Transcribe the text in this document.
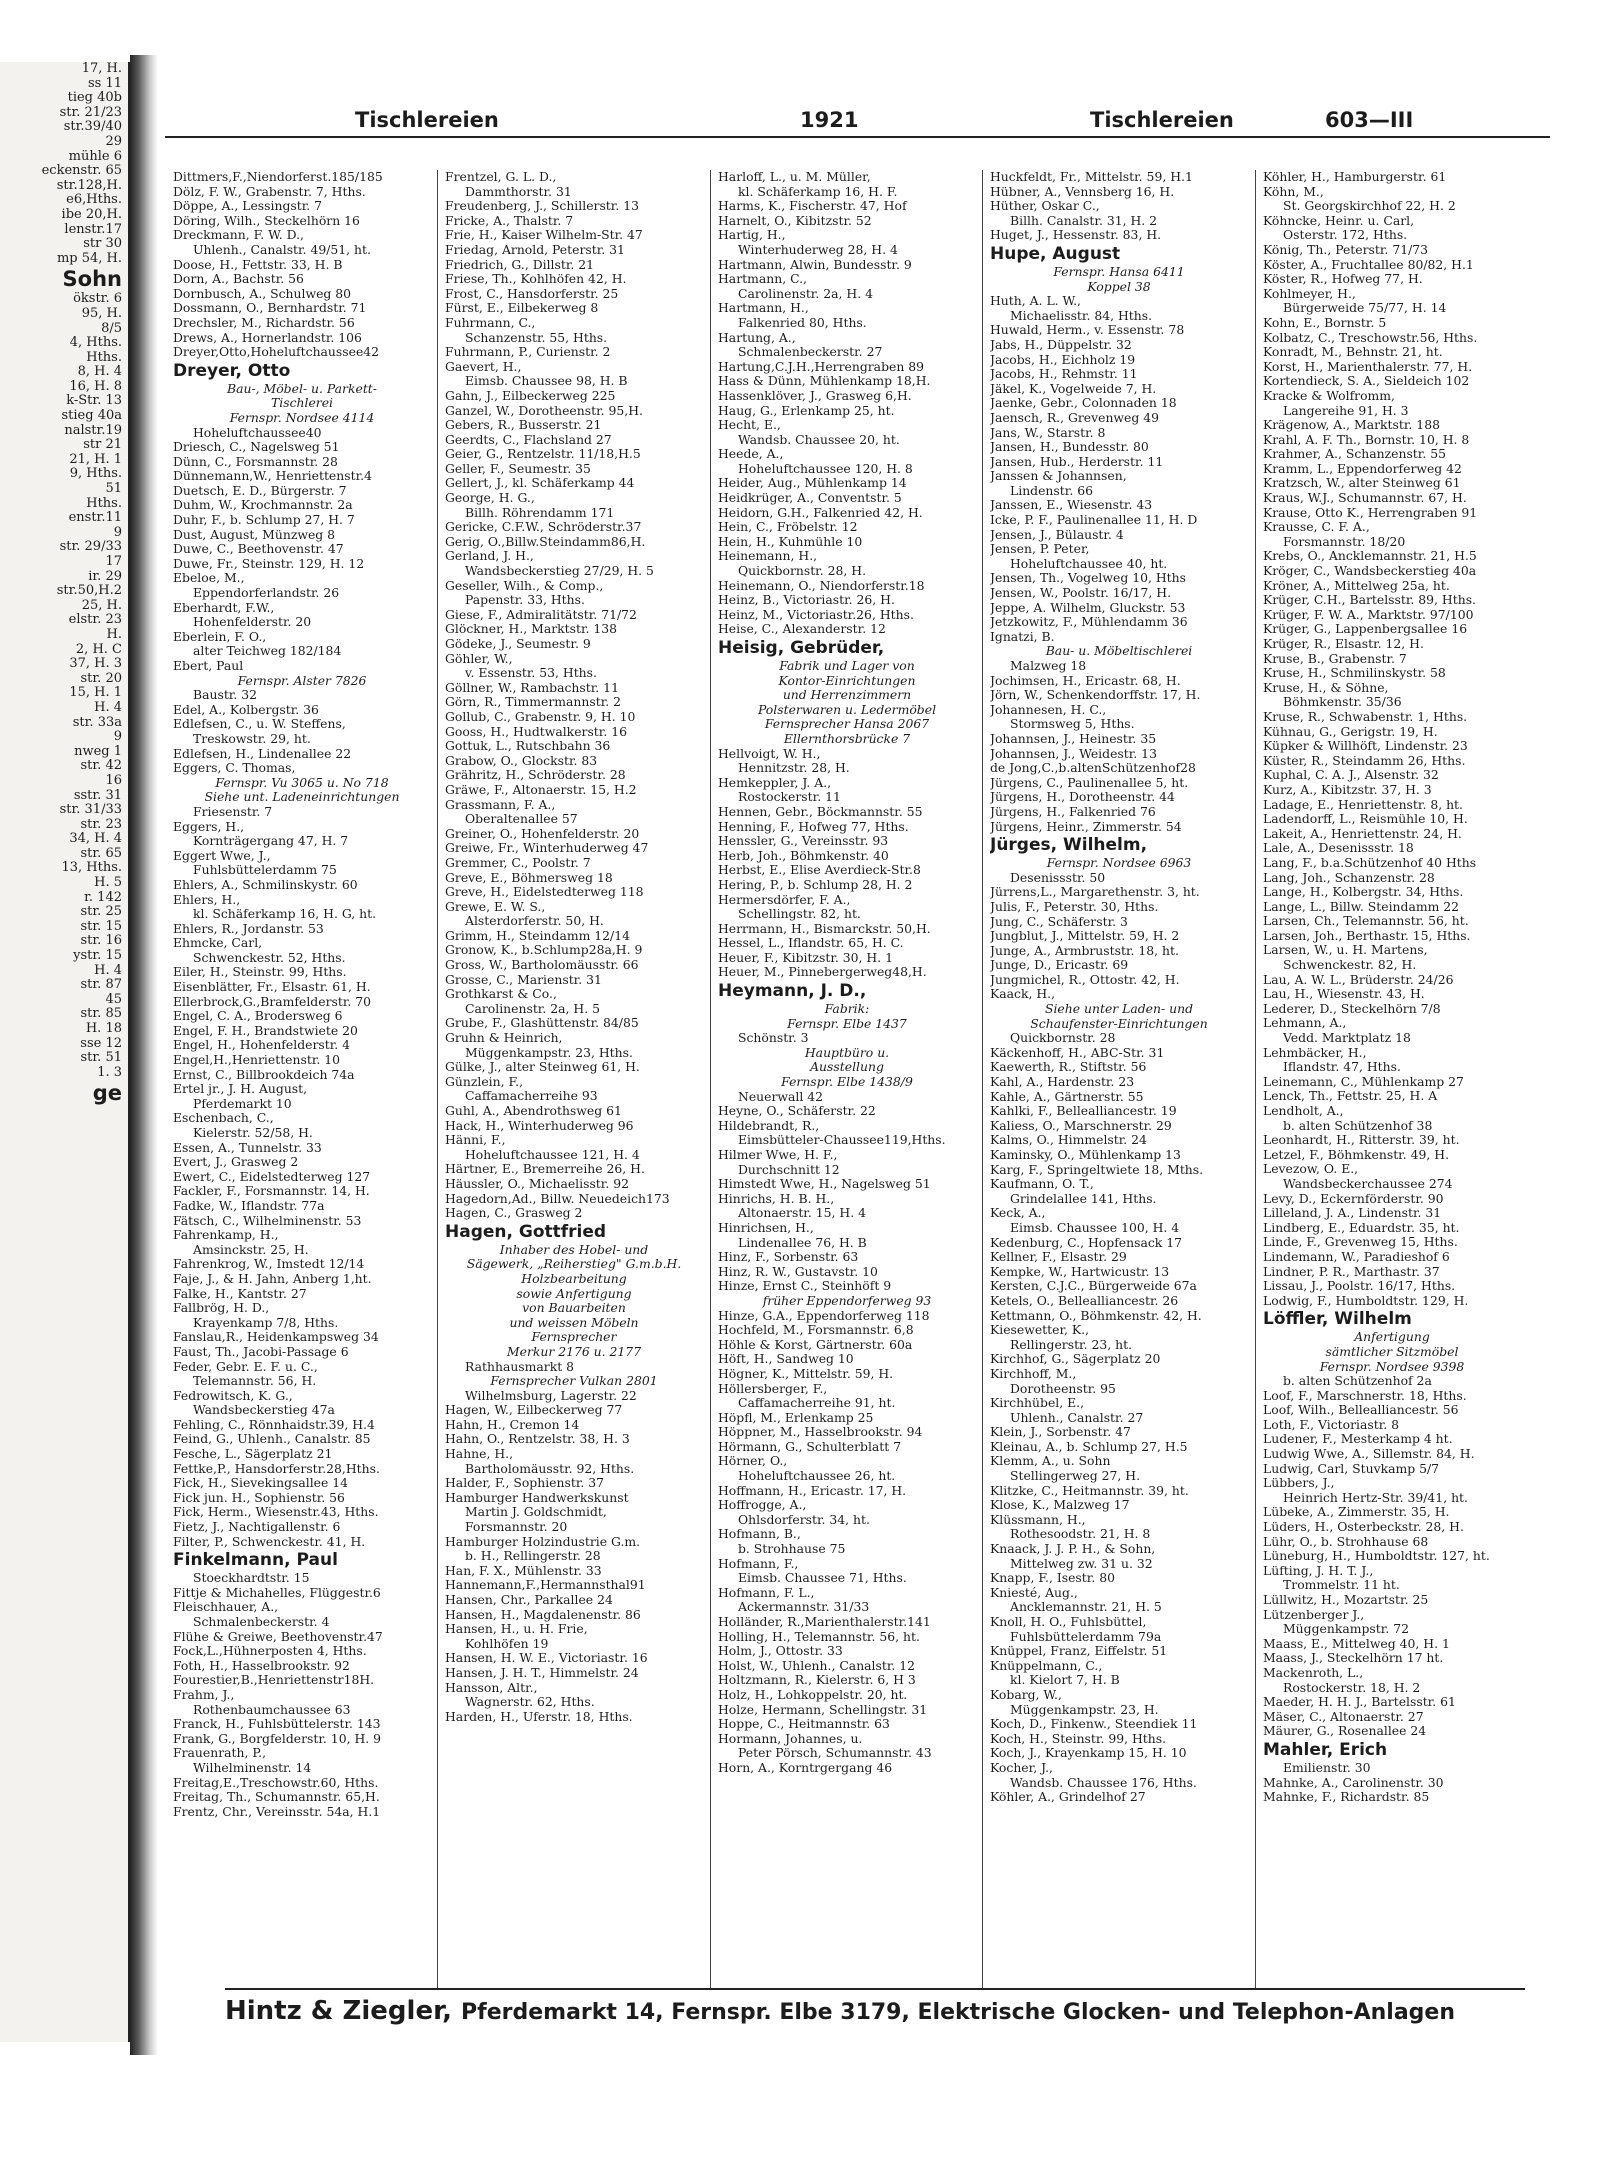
17, H.
ss 11
tieg 40b
str. 21/23
str.39/40
29
mühle 6
eckenstr. 65
str.128,H.
e6,Hths.
ibe 20,H.
lenstr.17
str 30
mp 54, H.
Sohn
ökstr. 6
95, H.
8/5
4, Hths.
Hths.
8, H. 4
16, H. 8
k-Str. 13
stieg 40a
nalstr.19
str 21
21, H. 1
9, Hths.
51
Hths.
enstr.11
9
str. 29/33
17
ir. 29
str.50,H.2
25, H.
elstr. 23
H.
2, H. C
37, H. 3
str. 20
15, H. 1
H. 4
str. 33a
9
nweg 1
str. 42
16
sstr. 31
str. 31/33
str. 23
34, H. 4
str. 65
13, Hths.
H. 5
r. 142
str. 25
str. 15
str. 16
ystr. 15
H. 4
str. 87
45
str. 85
H. 18
sse 12
str. 51
1. 3
ge
Tischlereien	1921	Tischlereien	603—III
Dittmers,F.,Niendorferst.185/185
Dölz, F. W., Grabenstr. 7, Hths.
Döppe, A., Lessingstr. 7
Döring, Wilh., Steckelhörn 16
Dreckmann, F. W. D.,
Uhlenh., Canalstr. 49/51, ht.
Doose, H., Fettstr. 33, H. B
Dorn, A., Bachstr. 56
Dornbusch, A., Schulweg 80
Dossmann, O., Bernhardstr. 71
Drechsler, M., Richardstr. 56
Drews, A., Hornerlandstr. 106
Dreyer,Otto,Hoheluftchaussee42
Dreyer, Otto
Bau-, Möbel- u. Parkett-
Tischlerei
Fernspr. Nordsee 4114
Hoheluftchaussee40
Driesch, C., Nagelsweg 51
Dünn, C., Forsmannstr. 28
Dünnemann,W., Henriettenstr.4
Duetsch, E. D., Bürgerstr. 7
Duhm, W., Krochmannstr. 2a
Duhr, F., b. Schlump 27, H. 7
Dust, August, Münzweg 8
Duwe, C., Beethovenstr. 47
Duwe, Fr., Steinstr. 129, H. 12
Ebeloe, M.,
Eppendorferlandstr. 26
Eberhardt, F.W.,
Hohenfelderstr. 20
Eberlein, F. O.,
alter Teichweg 182/184
Ebert, Paul
Fernspr. Alster 7826
Baustr. 32
Edel, A., Kolbergstr. 36
Edlefsen, C., u. W. Steffens,
Treskowstr. 29, ht.
Edlefsen, H., Lindenallee 22
Eggers, C. Thomas,
Fernspr. Vu 3065 u. No 718
Siehe unt. Ladeneinrichtungen
Friesenstr. 7
Eggers, H.,
Kornträgergang 47, H. 7
Eggert Wwe, J.,
Fuhlsbüttelerdamm 75
Ehlers, A., Schmilinskystr. 60
Ehlers, H.,
kl. Schäferkamp 16, H. G, ht.
Ehlers, R., Jordanstr. 53
Ehmcke, Carl,
Schwenckestr. 52, Hths.
Eiler, H., Steinstr. 99, Hths.
Eisenblätter, Fr., Elsastr. 61, H.
Ellerbrock,G.,Bramfelderstr. 70
Engel, C. A., Brodersweg 6
Engel, F. H., Brandstwiete 20
Engel, H., Hohenfelderstr. 4
Engel,H.,Henriettenstr. 10
Ernst, C., Billbrookdeich 74a
Ertel jr., J. H. August,
Pferdemarkt 10
Eschenbach, C.,
Kielerstr. 52/58, H.
Essen, A., Tunnelstr. 33
Evert, J., Grasweg 2
Ewert, C., Eidelstedterweg 127
Fackler, F., Forsmannstr. 14, H.
Fadke, W., Iflandstr. 77a
Fätsch, C., Wilhelminenstr. 53
Fahrenkamp, H.,
Amsinckstr. 25, H.
Fahrenkrog, W., Imstedt 12/14
Faje, J., & H. Jahn, Anberg 1,ht.
Falke, H., Kantstr. 27
Fallbrög, H. D.,
Krayenkamp 7/8, Hths.
Fanslau,R., Heidenkampsweg 34
Faust, Th., Jacobi-Passage 6
Feder, Gebr. E. F. u. C.,
Telemannstr. 56, H.
Fedrowitsch, K. G.,
Wandsbeckerstieg 47a
Fehling, C., Rönnhaidstr.39, H.4
Feind, G., Uhlenh., Canalstr. 85
Fesche, L., Sägerplatz 21
Fettke,P., Hansdorferstr.28,Hths.
Fick, H., Sievekingsallee 14
Fick jun. H., Sophienstr. 56
Fick, Herm., Wiesenstr.43, Hths.
Fietz, J., Nachtigallenstr. 6
Filter, P., Schwenckestr. 41, H.
Finkelmann, Paul
Stoeckhardtstr. 15
Fittje & Michahelles, Flüggestr.6
Fleischhauer, A.,
Schmalenbeckerstr. 4
Flühe & Greiwe, Beethovenstr.47
Fock,L.,Hühnerposten 4, Hths.
Foth, H., Hasselbrookstr. 92
Fourestier,B.,Henriettenstr18H.
Frahm, J.,
Rothenbaumchaussee 63
Franck, H., Fuhlsbüttelerstr. 143
Frank, G., Borgfelderstr. 10, H. 9
Frauenrath, P.,
Wilhelminenstr. 14
Freitag,E.,Treschowstr.60, Hths.
Freitag, Th., Schumannstr. 65,H.
Frentz, Chr., Vereinsstr. 54a, H.1
Frentzel, G. L. D.,
Dammthorstr. 31
Freudenberg, J., Schillerstr. 13
Fricke, A., Thalstr. 7
Frie, H., Kaiser Wilhelm-Str. 47
Friedag, Arnold, Peterstr. 31
Friedrich, G., Dillstr. 21
Friese, Th., Kohlhöfen 42, H.
Frost, C., Hansdorferstr. 25
Fürst, E., Eilbekerweg 8
Fuhrmann, C.,
Schanzenstr. 55, Hths.
Fuhrmann, P., Curienstr. 2
Gaevert, H.,
Eimsb. Chaussee 98, H. B
Gahn, J., Eilbeckerweg 225
Ganzel, W., Dorotheenstr. 95,H.
Gebers, R., Busserstr. 21
Geerdts, C., Flachsland 27
Geier, G., Rentzelstr. 11/18,H.5
Geller, F., Seumestr. 35
Gellert, J., kl. Schäferkamp 44
George, H. G.,
Billh. Röhrendamm 171
Gericke, C.F.W., Schröderstr.37
Gerig, O.,Billw.Steindamm86,H.
Gerland, J. H.,
Wandsbeckerstieg 27/29, H. 5
Geseller, Wilh., & Comp.,
Papenstr. 33, Hths.
Giese, F., Admiralitätstr. 71/72
Glöckner, H., Marktstr. 138
Gödeke, J., Seumestr. 9
Göhler, W.,
v. Essenstr. 53, Hths.
Göllner, W., Rambachstr. 11
Görn, R., Timmermannstr. 2
Gollub, C., Grabenstr. 9, H. 10
Gooss, H., Hudtwalkerstr. 16
Gottuk, L., Rutschbahn 36
Grabow, O., Glockstr. 83
Grähritz, H., Schröderstr. 28
Gräwe, F., Altonaerstr. 15, H.2
Grassmann, F. A.,
Oberaltenallee 57
Greiner, O., Hohenfelderstr. 20
Greiwe, Fr., Winterhuderweg 47
Gremmer, C., Poolstr. 7
Greve, E., Böhmersweg 18
Greve, H., Eidelstedterweg 118
Grewe, E. W. S.,
Alsterdorferstr. 50, H.
Grimm, H., Steindamm 12/14
Gronow, K., b.Schlump28a,H. 9
Gross, W., Bartholomäusstr. 66
Grosse, C., Marienstr. 31
Grothkarst & Co.,
Carolinenstr. 2a, H. 5
Grube, F., Glashüttenstr. 84/85
Gruhn & Heinrich,
Müggenkampstr. 23, Hths.
Gülke, J., alter Steinweg 61, H.
Günzlein, F.,
Caffamacherreihe 93
Guhl, A., Abendrothsweg 61
Hack, H., Winterhuderweg 96
Hänni, F.,
Hoheluftchaussee 121, H. 4
Härtner, E., Bremerreihe 26, H.
Häussler, O., Michaelisstr. 92
Hagedorn,Ad., Billw. Neuedeich173
Hagen, C., Grasweg 2
Hagen, Gottfried
Inhaber des Hobel- und
Sägewerk, „Reiherstieg" G.m.b.H.
Holzbearbeitung
sowie Anfertigung
von Bauarbeiten
und weissen Möbeln
Fernsprecher
Merkur 2176 u. 2177
Rathhausmarkt 8
Fernsprecher Vulkan 2801
Wilhelmsburg, Lagerstr. 22
Hagen, W., Eilbeckerweg 77
Hahn, H., Cremon 14
Hahn, O., Rentzelstr. 38, H. 3
Hahne, H.,
Bartholomäusstr. 92, Hths.
Halder, F., Sophienstr. 37
Hamburger Handwerkskunst
Martin J. Goldschmidt,
Forsmannstr. 20
Hamburger Holzindustrie G.m.
b. H., Rellingerstr. 28
Han, F. X., Mühlenstr. 33
Hannemann,F.,Hermannsthal91
Hansen, Chr., Parkallee 24
Hansen, H., Magdalenenstr. 86
Hansen, H., u. H. Frie,
Kohlhöfen 19
Hansen, H. W. E., Victoriastr. 16
Hansen, J. H. T., Himmelstr. 24
Hansson, Altr.,
Wagnerstr. 62, Hths.
Harden, H., Uferstr. 18, Hths.
Harloff, L., u. M. Müller,
kl. Schäferkamp 16, H. F.
Harms, K., Fischerstr. 47, Hof
Harnelt, O., Kibitzstr. 52
Hartig, H.,
Winterhuderweg 28, H. 4
Hartmann, Alwin, Bundesstr. 9
Hartmann, C.,
Carolinenstr. 2a, H. 4
Hartmann, H.,
Falkenried 80, Hths.
Hartung, A.,
Schmalenbeckerstr. 27
Hartung,C.J.H.,Herrengraben 89
Hass & Dünn, Mühlenkamp 18,H.
Hassenklöver, J., Grasweg 6,H.
Haug, G., Erlenkamp 25, ht.
Hecht, E.,
Wandsb. Chaussee 20, ht.
Heede, A.,
Hoheluftchaussee 120, H. 8
Heider, Aug., Mühlenkamp 14
Heidkrüger, A., Conventstr. 5
Heidorn, G.H., Falkenried 42, H.
Hein, C., Fröbelstr. 12
Hein, H., Kuhmühle 10
Heinemann, H.,
Quickbornstr. 28, H.
Heinemann, O., Niendorferstr.18
Heinz, B., Victoriastr. 26, H.
Heinz, M., Victoriastr.26, Hths.
Heise, C., Alexanderstr. 12
Heisig, Gebrüder,
Fabrik und Lager von
Kontor-Einrichtungen
und Herrenzimmern
Polsterwaren u. Ledermöbel
Fernsprecher Hansa 2067
Ellernthorsbrücke 7
Hellvoigt, W. H.,
Hennitzstr. 28, H.
Hemkeppler, J. A.,
Rostockerstr. 11
Hennen, Gebr., Böckmannstr. 55
Henning, F., Hofweg 77, Hths.
Henssler, G., Vereinsstr. 93
Herb, Joh., Böhmkenstr. 40
Herbst, E., Elise Averdieck-Str.8
Hering, P., b. Schlump 28, H. 2
Hermersdörfer, F. A.,
Schellingstr. 82, ht.
Herrmann, H., Bismarckstr. 50,H.
Hessel, L., Iflandstr. 65, H. C.
Heuer, F., Kibitzstr. 30, H. 1
Heuer, M., Pinnebergerweg48,H.
Heymann, J. D.,
Fabrik:
Fernspr. Elbe 1437
Schönstr. 3
Hauptbüro u.
Ausstellung
Fernspr. Elbe 1438/9
Neuerwall 42
Heyne, O., Schäferstr. 22
Hildebrandt, R.,
Eimsbütteler-Chaussee119,Hths.
Hilmer Wwe, H. F.,
Durchschnitt 12
Himstedt Wwe, H., Nagelsweg 51
Hinrichs, H. B. H.,
Altonaerstr. 15, H. 4
Hinrichsen, H.,
Lindenallee 76, H. B
Hinz, F., Sorbenstr. 63
Hinz, R. W., Gustavstr. 10
Hinze, Ernst C., Steinhöft 9
früher Eppendorferweg 93
Hinze, G.A., Eppendorferweg 118
Hochfeld, M., Forsmannstr. 6,8
Höhle & Korst, Gärtnerstr. 60a
Höft, H., Sandweg 10
Högner, K., Mittelstr. 59, H.
Höllersberger, F.,
Caffamacherreihe 91, ht.
Höpfl, M., Erlenkamp 25
Höppner, M., Hasselbrookstr. 94
Hörmann, G., Schulterblatt 7
Hörner, O.,
Hoheluftchaussee 26, ht.
Hoffmann, H., Ericastr. 17, H.
Hoffrogge, A.,
Ohlsdorferstr. 34, ht.
Hofmann, B.,
b. Strohhause 75
Hofmann, F.,
Eimsb. Chaussee 71, Hths.
Hofmann, F. L.,
Ackermannstr. 31/33
Holländer, R.,Marienthalerstr.141
Holling, H., Telemannstr. 56, ht.
Holm, J., Ottostr. 33
Holst, W., Uhlenh., Canalstr. 12
Holtzmann, R., Kielerstr. 6, H 3
Holz, H., Lohkoppelstr. 20, ht.
Holze, Hermann, Schellingstr. 31
Hoppe, C., Heitmannstr. 63
Hormann, Johannes, u.
Peter Pörsch, Schumannstr. 43
Horn, A., Korntrgergang 46
Huckfeldt, Fr., Mittelstr. 59, H.1
Hübner, A., Vennsberg 16, H.
Hüther, Oskar C.,
Billh. Canalstr. 31, H. 2
Huget, J., Hessenstr. 83, H.
Hupe, August
Fernspr. Hansa 6411
Koppel 38
Huth, A. L. W.,
Michaelisstr. 84, Hths.
Huwald, Herm., v. Essenstr. 78
Jabs, H., Düppelstr. 32
Jacobs, H., Eichholz 19
Jacobs, H., Rehmstr. 11
Jäkel, K., Vogelweide 7, H.
Jaenke, Gebr., Colonnaden 18
Jaensch, R., Grevenweg 49
Jans, W., Starstr. 8
Jansen, H., Bundesstr. 80
Jansen, Hub., Herderstr. 11
Janssen & Johannsen,
Lindenstr. 66
Janssen, E., Wiesenstr. 43
Icke, P. F., Paulinenallee 11, H. D
Jensen, J., Bülaustr. 4
Jensen, P. Peter,
Hoheluftchaussee 40, ht.
Jensen, Th., Vogelweg 10, Hths
Jensen, W., Poolstr. 16/17, H.
Jeppe, A. Wilhelm, Gluckstr. 53
Jetzkowitz, F., Mühlendamm 36
Ignatzi, B.
Bau- u. Möbeltischlerei
Malzweg 18
Jochimsen, H., Ericastr. 68, H.
Jörn, W., Schenkendorffstr. 17, H.
Johannesen, H. C.,
Stormsweg 5, Hths.
Johannsen, J., Heinestr. 35
Johannsen, J., Weidestr. 13
de Jong,C.,b.altenSchützenhof28
Jürgens, C., Paulinenallee 5, ht.
Jürgens, H., Dorotheenstr. 44
Jürgens, H., Falkenried 76
Jürgens, Heinr., Zimmerstr. 54
Jürges, Wilhelm,
Fernspr. Nordsee 6963
Desenissstr. 50
Jürrens,L., Margarethenstr. 3, ht.
Julis, F., Peterstr. 30, Hths.
Jung, C., Schäferstr. 3
Jungblut, J., Mittelstr. 59, H. 2
Junge, A., Armbruststr. 18, ht.
Junge, D., Ericastr. 69
Jungmichel, R., Ottostr. 42, H.
Kaack, H.,
Siehe unter Laden- und
Schaufenster-Einrichtungen
Quickbornstr. 28
Käckenhoff, H., ABC-Str. 31
Kaewerth, R., Stiftstr. 56
Kahl, A., Hardenstr. 23
Kahle, A., Gärtnerstr. 55
Kahlki, F., Bellealliancestr. 19
Kaliess, O., Marschnerstr. 29
Kalms, O., Himmelstr. 24
Kaminsky, O., Mühlenkamp 13
Karg, F., Springeltwiete 18, Mths.
Kaufmann, O. T.,
Grindelallee 141, Hths.
Keck, A.,
Eimsb. Chaussee 100, H. 4
Kedenburg, C., Hopfensack 17
Kellner, F., Elsastr. 29
Kempke, W., Hartwicustr. 13
Kersten, C.J.C., Bürgerweide 67a
Ketels, O., Bellealliancestr. 26
Kettmann, O., Böhmkenstr. 42, H.
Kiesewetter, K.,
Rellingerstr. 23, ht.
Kirchhof, G., Sägerplatz 20
Kirchhoff, M.,
Dorotheenstr. 95
Kirchhübel, E.,
Uhlenh., Canalstr. 27
Klein, J., Sorbenstr. 47
Kleinau, A., b. Schlump 27, H.5
Klemm, A., u. Sohn
Stellingerweg 27, H.
Klitzke, C., Heitmannstr. 39, ht.
Klose, K., Malzweg 17
Klüssmann, H.,
Rothesoodstr. 21, H. 8
Knaack, J. J. P. H., & Sohn,
Mittelweg zw. 31 u. 32
Knapp, F., Isestr. 80
Kniesté, Aug.,
Ancklemannstr. 21, H. 5
Knoll, H. O., Fuhlsbüttel,
Fuhlsbüttelerdamm 79a
Knüppel, Franz, Eiffelstr. 51
Knüppelmann, C.,
kl. Kielort 7, H. B
Kobarg, W.,
Müggenkampstr. 23, H.
Koch, D., Finkenw., Steendiek 11
Koch, H., Steinstr. 99, Hths.
Koch, J., Krayenkamp 15, H. 10
Kocher, J.,
Wandsb. Chaussee 176, Hths.
Köhler, A., Grindelhof 27
Köhler, H., Hamburgerstr. 61
Köhn, M.,
St. Georgskirchhof 22, H. 2
Köhncke, Heinr. u. Carl,
Osterstr. 172, Hths.
König, Th., Peterstr. 71/73
Köster, A., Fruchtallee 80/82, H.1
Köster, R., Hofweg 77, H.
Kohlmeyer, H.,
Bürgerweide 75/77, H. 14
Kohn, E., Bornstr. 5
Kolbatz, C., Treschowstr.56, Hths.
Konradt, M., Behnstr. 21, ht.
Korst, H., Marienthalerstr. 77, H.
Kortendieck, S. A., Sieldeich 102
Kracke & Wolfromm,
Langereihe 91, H. 3
Krägenow, A., Marktstr. 188
Krahl, A. F. Th., Bornstr. 10, H. 8
Krahmer, A., Schanzenstr. 55
Kramm, L., Eppendorferweg 42
Kratzsch, W., alter Steinweg 61
Kraus, W.J., Schumannstr. 67, H.
Krause, Otto K., Herrengraben 91
Krausse, C. F. A.,
Forsmannstr. 18/20
Krebs, O., Ancklemannstr. 21, H.5
Kröger, C., Wandsbeckerstieg 40a
Kröner, A., Mittelweg 25a, ht.
Krüger, C.H., Bartelsstr. 89, Hths.
Krüger, F. W. A., Marktstr. 97/100
Krüger, G., Lappenbergsallee 16
Krüger, R., Elsastr. 12, H.
Kruse, B., Grabenstr. 7
Kruse, H., Schmilinskystr. 58
Kruse, H., & Söhne,
Böhmkenstr. 35/36
Kruse, R., Schwabenstr. 1, Hths.
Kühnau, G., Gerigstr. 19, H.
Küpker & Willhöft, Lindenstr. 23
Küster, R., Steindamm 26, Hths.
Kuphal, C. A. J., Alsenstr. 32
Kurz, A., Kibitzstr. 37, H. 3
Ladage, E., Henriettenstr. 8, ht.
Ladendorff, L., Reismühle 10, H.
Lakeit, A., Henriettenstr. 24, H.
Lale, A., Desenissstr. 18
Lang, F., b.a.Schützenhof 40 Hths
Lang, Joh., Schanzenstr. 28
Lange, H., Kolbergstr. 34, Hths.
Lange, L., Billw. Steindamm 22
Larsen, Ch., Telemannstr. 56, ht.
Larsen, Joh., Berthastr. 15, Hths.
Larsen, W., u. H. Martens,
Schwenckestr. 82, H.
Lau, A. W. L., Brüderstr. 24/26
Lau, H., Wiesenstr. 43, H.
Lederer, D., Steckelhörn 7/8
Lehmann, A.,
Vedd. Marktplatz 18
Lehmbäcker, H.,
Iflandstr. 47, Hths.
Leinemann, C., Mühlenkamp 27
Lenck, Th., Fettstr. 25, H. A
Lendholt, A.,
b. alten Schützenhof 38
Leonhardt, H., Ritterstr. 39, ht.
Letzel, F., Böhmkenstr. 49, H.
Levezow, O. E.,
Wandsbeckerchaussee 274
Levy, D., Eckernförderstr. 90
Lilleland, J. A., Lindenstr. 31
Lindberg, E., Eduardstr. 35, ht.
Linde, F., Grevenweg 15, Hths.
Lindemann, W., Paradieshof 6
Lindner, P. R., Marthastr. 37
Lissau, J., Poolstr. 16/17, Hths.
Lodwig, F., Humboldtstr. 129, H.
Löffler, Wilhelm
Anfertigung
sämtlicher Sitzmöbel
Fernspr. Nordsee 9398
b. alten Schützenhof 2a
Loof, F., Marschnerstr. 18, Hths.
Loof, Wilh., Bellealliancestr. 56
Loth, F., Victoriastr. 8
Ludener, F., Mesterkamp 4 ht.
Ludwig Wwe, A., Sillemstr. 84, H.
Ludwig, Carl, Stuvkamp 5/7
Lübbers, J.,
Heinrich Hertz-Str. 39/41, ht.
Lübeke, A., Zimmerstr. 35, H.
Lüders, H., Osterbeckstr. 28, H.
Lühr, O., b. Strohhause 68
Lüneburg, H., Humboldtstr. 127, ht.
Lüfting, J. H. T. J.,
Trommelstr. 11 ht.
Lüllwitz, H., Mozartstr. 25
Lützenberger J.,
Müggenkampstr. 72
Maass, E., Mittelweg 40, H. 1
Maass, J., Steckelhörn 17 ht.
Mackenroth, L.,
Rostockerstr. 18, H. 2
Maeder, H. H. J., Bartelsstr. 61
Mäser, C., Altonaerstr. 27
Mäurer, G., Rosenallee 24
Mahler, Erich
Emilienstr. 30
Mahnke, A., Carolinenstr. 30
Mahnke, F., Richardstr. 85
Hintz & Ziegler, Pferdemarkt 14, Fernspr. Elbe 3179, Elektrische Glocken- und Telephon-Anlagen
